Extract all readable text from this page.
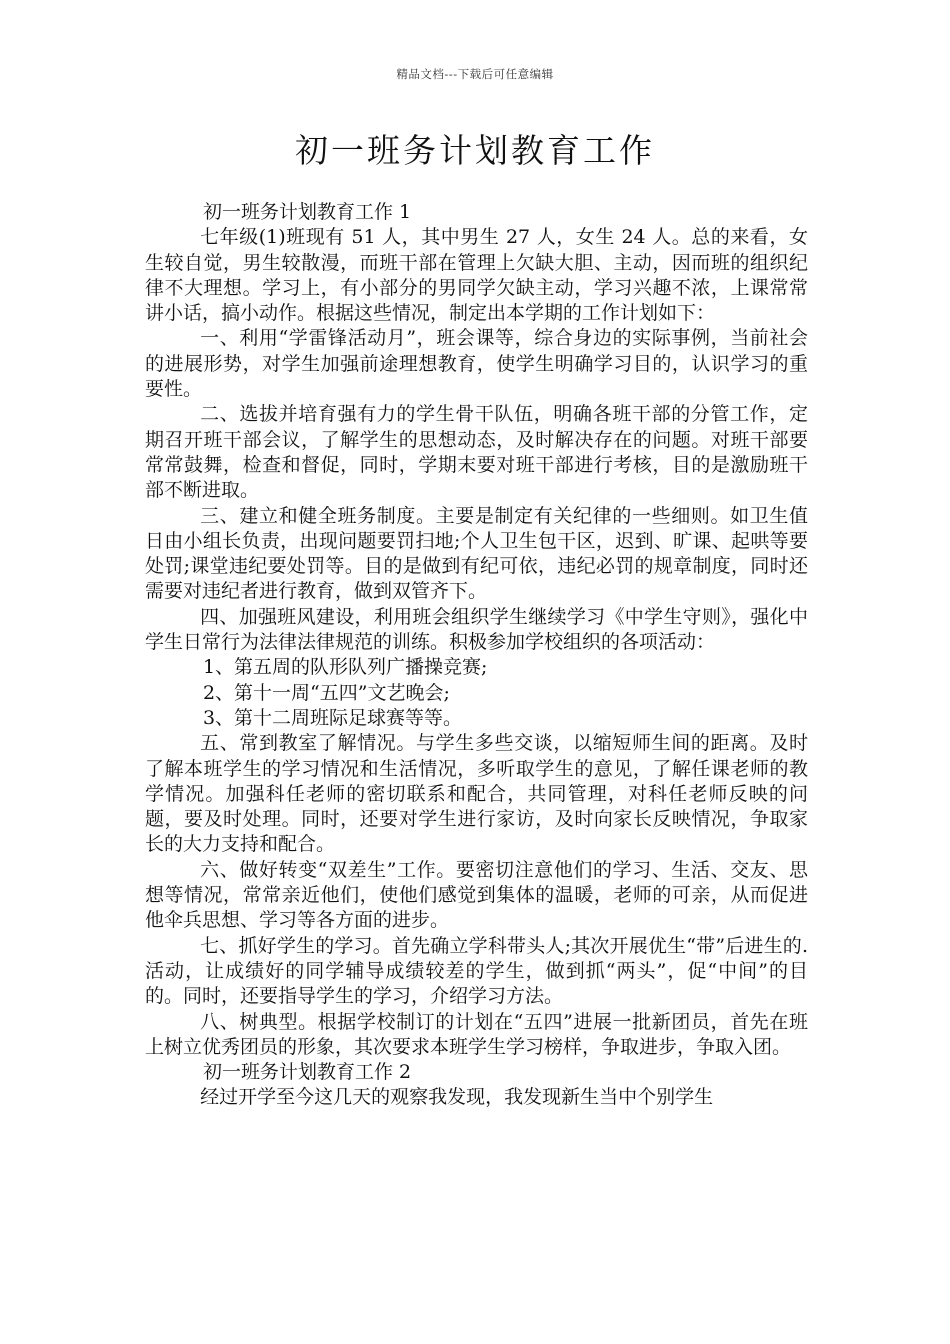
精品文档---下载后可任意编辑
初一班务计划教育工作

初一班务计划教育工作 1

七年级(1)班现有 51 人，其中男生 27 人，女生 24 人。总的来看，女生较自觉，男生较散漫，而班干部在管理上欠缺大胆、主动，因而班的组织纪律不大理想。学习上，有小部分的男同学欠缺主动，学习兴趣不浓，上课常常讲小话，搞小动作。根据这些情况，制定出本学期的工作计划如下：

一、利用“学雷锋活动月”，班会课等，综合身边的实际事例，当前社会的进展形势，对学生加强前途理想教育，使学生明确学习目的，认识学习的重要性。

二、选拔并培育强有力的学生骨干队伍，明确各班干部的分管工作，定期召开班干部会议，了解学生的思想动态，及时解决存在的问题。对班干部要常常鼓舞，检查和督促，同时，学期末要对班干部进行考核，目的是激励班干部不断进取。

三、建立和健全班务制度。主要是制定有关纪律的一些细则。如卫生值日由小组长负责，出现问题要罚扫地;个人卫生包干区，迟到、旷课、起哄等要处罚;课堂违纪要处罚等。目的是做到有纪可依，违纪必罚的规章制度，同时还需要对违纪者进行教育，做到双管齐下。

四、加强班风建设，利用班会组织学生继续学习《中学生守则》，强化中学生日常行为法律法律规范的训练。积极参加学校组织的各项活动：

1、第五周的队形队列广播操竞赛;

2、第十一周“五四”文艺晚会;

3、第十二周班际足球赛等等。

五、常到教室了解情况。与学生多些交谈，以缩短师生间的距离。及时了解本班学生的学习情况和生活情况，多听取学生的意见，了解任课老师的教学情况。加强科任老师的密切联系和配合，共同管理，对科任老师反映的问题，要及时处理。同时，还要对学生进行家访，及时向家长反映情况，争取家长的大力支持和配合。

六、做好转变“双差生”工作。要密切注意他们的学习、生活、交友、思想等情况，常常亲近他们，使他们感觉到集体的温暖，老师的可亲，从而促进他伞兵思想、学习等各方面的进步。

七、抓好学生的学习。首先确立学科带头人;其次开展优生“带”后进生的.活动，让成绩好的同学辅导成绩较差的学生，做到抓“两头”，促“中间”的目的。同时，还要指导学生的学习，介绍学习方法。

八、树典型。根据学校制订的计划在“五四”进展一批新团员，首先在班上树立优秀团员的形象，其次要求本班学生学习榜样，争取进步，争取入团。

初一班务计划教育工作 2

经过开学至今这几天的观察我发现，我发现新生当中个别学生
